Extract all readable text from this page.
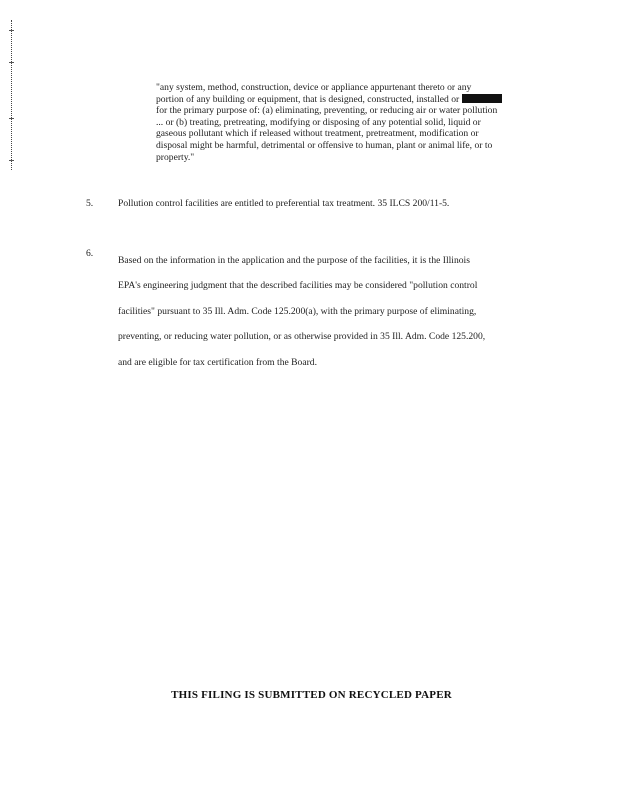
"any system, method, construction, device or appliance appurtenant thereto or any

portion of any building or equipment, that is designed, constructed, installed or

for the primary purpose of: (a) eliminating, preventing, or reducing air or water pollution

... or (b) treating, pretreating, modifying or disposing of any potential solid, liquid or

gaseous pollutant which if released without treatment, pretreatment, modification or

disposal might be harmful, detrimental or offensive to human, plant or animal life, or to

property."

5.	Pollution control facilities are entitled to preferential tax treatment. 35 ILCS 200/11-5.
6.
Based on the information in the application and the purpose of the facilities, it is the Illinois
EPA's engineering judgment that the described facilities may be considered "pollution control
facilities" pursuant to 35 Ill. Adm. Code 125.200(a), with the primary purpose of eliminating,
preventing, or reducing water pollution, or as otherwise provided in 35 Ill. Adm. Code 125.200,
and are eligible for tax certification from the Board.
THIS FILING IS SUBMITTED ON RECYCLED PAPER
